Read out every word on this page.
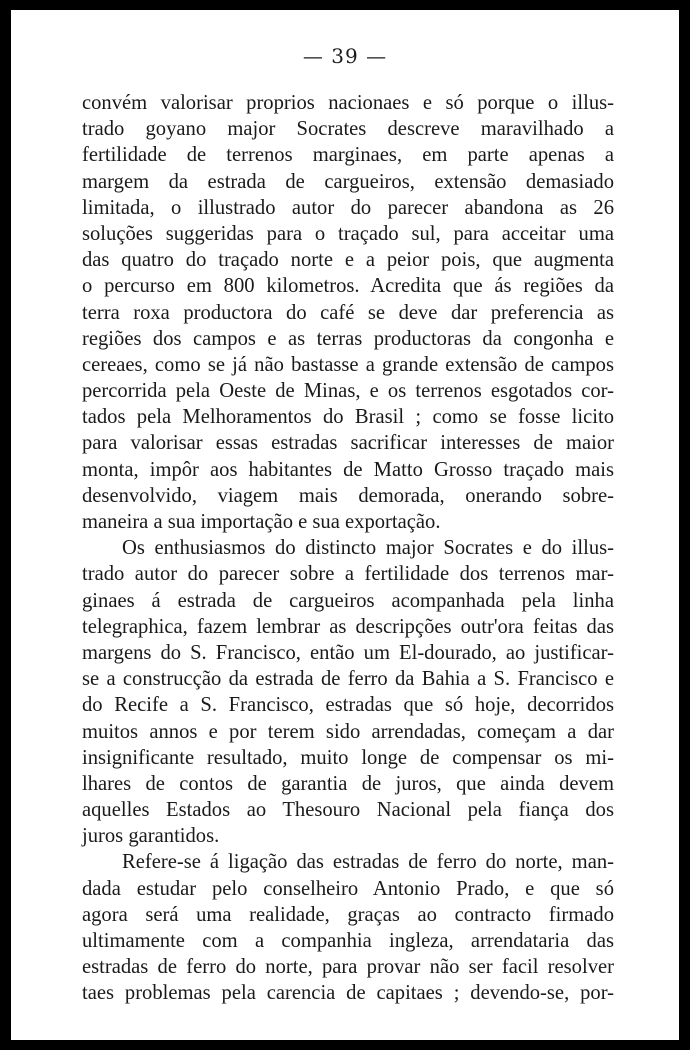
— 39 —
convém valorisar proprios nacionaes e só porque o illus-
trado goyano major Socrates descreve maravilhado a
fertilidade de terrenos marginaes, em parte apenas a
margem da estrada de cargueiros, extensão demasiado
limitada, o illustrado autor do parecer abandona as 26
soluções suggeridas para o traçado sul, para acceitar uma
das quatro do traçado norte e a peior pois, que augmenta
o percurso em 800 kilometros. Acredita que ás regiões da
terra roxa productora do café se deve dar preferencia as
regiões dos campos e as terras productoras da congonha e
cereaes, como se já não bastasse a grande extensão de campos
percorrida pela Oeste de Minas, e os terrenos esgotados cor-
tados pela Melhoramentos do Brasil ; como se fosse licito
para valorisar essas estradas sacrificar interesses de maior
monta, impôr aos habitantes de Matto Grosso traçado mais
desenvolvido, viagem mais demorada, onerando sobre-
maneira a sua importação e sua exportação.
Os enthusiasmos do distincto major Socrates e do illus-
trado autor do parecer sobre a fertilidade dos terrenos mar-
ginaes á estrada de cargueiros acompanhada pela linha
telegraphica, fazem lembrar as descripções outr'ora feitas das
margens do S. Francisco, então um El-dourado, ao justificar-
se a construcção da estrada de ferro da Bahia a S. Francisco e
do Recife a S. Francisco, estradas que só hoje, decorridos
muitos annos e por terem sido arrendadas, começam a dar
insignificante resultado, muito longe de compensar os mi-
lhares de contos de garantia de juros, que ainda devem
aquelles Estados ao Thesouro Nacional pela fiança dos
juros garantidos.
Refere-se á ligação das estradas de ferro do norte, man-
dada estudar pelo conselheiro Antonio Prado, e que só
agora será uma realidade, graças ao contracto firmado
ultimamente com a companhia ingleza, arrendataria das
estradas de ferro do norte, para provar não ser facil resolver
taes problemas pela carencia de capitaes ; devendo-se, por-
